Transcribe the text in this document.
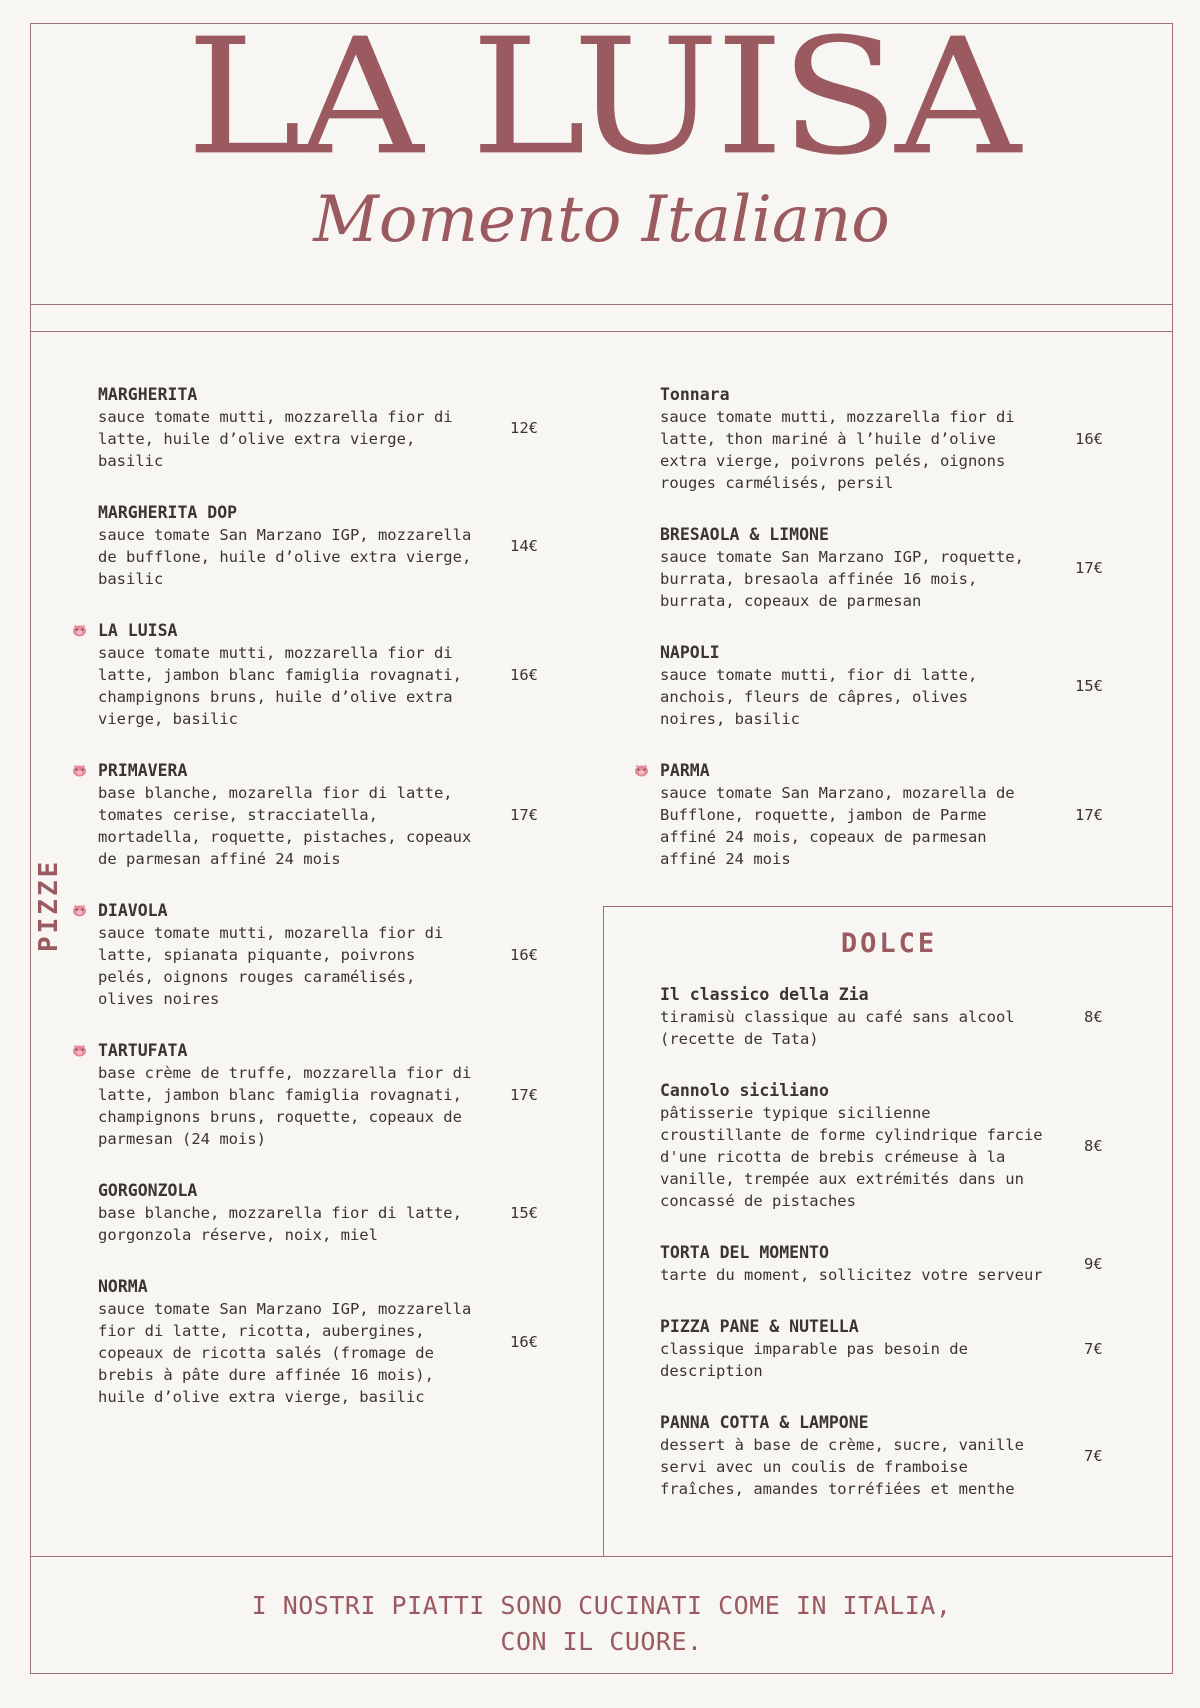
LA LUISA
Momento Italiano
PIZZE
MARGHERITA
sauce tomate mutti, mozzarella fior di latte, huile d’olive extra vierge, basilic
12€
MARGHERITA DOP
sauce tomate San Marzano IGP, mozzarella de bufflone, huile d’olive extra vierge, basilic
14€
LA LUISA
sauce tomate mutti, mozzarella fior di latte, jambon blanc famiglia rovagnati, champignons bruns, huile d’olive extra vierge, basilic
16€
PRIMAVERA
base blanche, mozarella fior di latte, tomates cerise, stracciatella, mortadella, roquette, pistaches, copeaux de parmesan affiné 24 mois
17€
DIAVOLA
sauce tomate mutti, mozarella fior di latte, spianata piquante, poivrons pelés, oignons rouges caramélisés, olives noires
16€
TARTUFATA
base crème de truffe, mozzarella fior di latte, jambon blanc famiglia rovagnati, champignons bruns, roquette, copeaux de parmesan (24 mois)
17€
GORGONZOLA
base blanche, mozzarella fior di latte, gorgonzola réserve, noix, miel
15€
NORMA
sauce tomate San Marzano IGP, mozzarella fior di latte, ricotta, aubergines, copeaux de ricotta salés (fromage de brebis à pâte dure affinée 16 mois), huile d’olive extra vierge, basilic
16€
Tonnara
sauce tomate mutti, mozzarella fior di latte, thon mariné à l’huile d’olive extra vierge, poivrons pelés, oignons rouges carmélisés, persil
16€
BRESAOLA & LIMONE
sauce tomate San Marzano IGP, roquette, burrata, bresaola affinée 16 mois, burrata, copeaux de parmesan
17€
NAPOLI
sauce tomate mutti, fior di latte, anchois, fleurs de câpres, olives noires, basilic
15€
PARMA
sauce tomate San Marzano, mozarella de Bufflone, roquette, jambon de Parme affiné 24 mois, copeaux de parmesan affiné 24 mois
17€
DOLCE
Il classico della Zia
tiramisù classique au café sans alcool (recette de Tata)
8€
Cannolo siciliano
pâtisserie typique sicilienne croustillante de forme cylindrique farcie d'une ricotta de brebis crémeuse à la vanille, trempée aux extrémités dans un concassé de pistaches
8€
TORTA DEL MOMENTO
tarte du moment, sollicitez votre serveur
9€
PIZZA PANE & NUTELLA
classique imparable pas besoin de description
7€
PANNA COTTA & LAMPONE
dessert à base de crème, sucre, vanille servi avec un coulis de framboise fraîches, amandes torréfiées et menthe
7€
I NOSTRI PIATTI SONO CUCINATI COME IN ITALIA,
CON IL CUORE.
